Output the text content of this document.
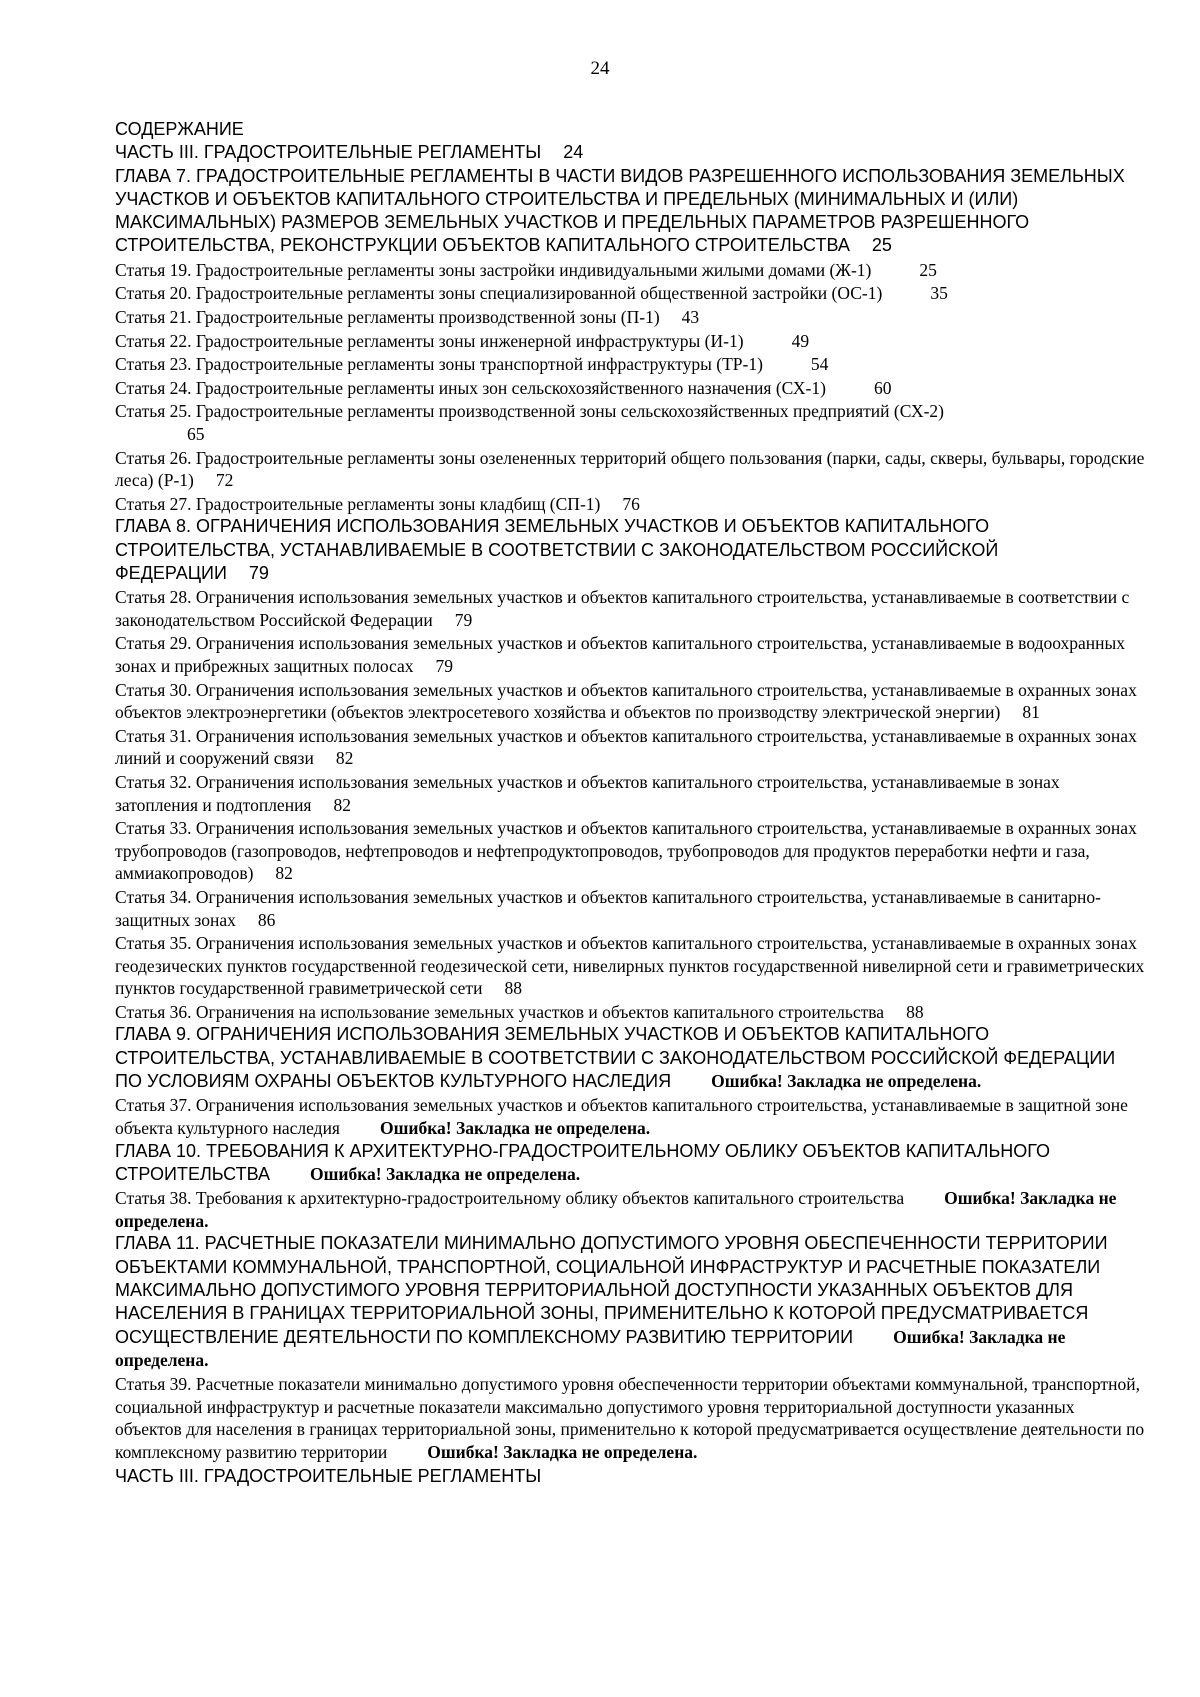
24
СОДЕРЖАНИЕ
ЧАСТЬ III. ГРАДОСТРОИТЕЛЬНЫЕ РЕГЛАМЕНТЫ 24
ГЛАВА 7. ГРАДОСТРОИТЕЛЬНЫЕ РЕГЛАМЕНТЫ В ЧАСТИ ВИДОВ РАЗРЕШЕННОГО ИСПОЛЬЗОВАНИЯ ЗЕМЕЛЬНЫХ УЧАСТКОВ И ОБЪЕКТОВ КАПИТАЛЬНОГО СТРОИТЕЛЬСТВА И ПРЕДЕЛЬНЫХ (МИНИМАЛЬНЫХ И (ИЛИ) МАКСИМАЛЬНЫХ) РАЗМЕРОВ ЗЕМЕЛЬНЫХ УЧАСТКОВ И ПРЕДЕЛЬНЫХ ПАРАМЕТРОВ РАЗРЕШЕННОГО СТРОИТЕЛЬСТВА, РЕКОНСТРУКЦИИ ОБЪЕКТОВ КАПИТАЛЬНОГО СТРОИТЕЛЬСТВА 25
Статья 19. Градостроительные регламенты зоны застройки индивидуальными жилыми домами (Ж-1)	25
Статья 20. Градостроительные регламенты зоны специализированной общественной застройки (ОС-1)	35
Статья 21. Градостроительные регламенты производственной зоны (П-1) 43
Статья 22. Градостроительные регламенты зоны инженерной инфраструктуры (И-1)	49
Статья 23. Градостроительные регламенты зоны транспортной инфраструктуры (ТР-1)	54
Статья 24. Градостроительные регламенты иных зон сельскохозяйственного назначения (СХ-1)	60
Статья 25. Градостроительные регламенты производственной зоны сельскохозяйственных предприятий (СХ-2)
65
Статья 26. Градостроительные регламенты зоны озелененных территорий общего пользования (парки, сады, скверы, бульвары, городские леса) (Р-1) 72
Статья 27. Градостроительные регламенты зоны кладбищ (СП-1) 76
ГЛАВА 8. ОГРАНИЧЕНИЯ ИСПОЛЬЗОВАНИЯ ЗЕМЕЛЬНЫХ УЧАСТКОВ И ОБЪЕКТОВ КАПИТАЛЬНОГО СТРОИТЕЛЬСТВА, УСТАНАВЛИВАЕМЫЕ В СООТВЕТСТВИИ С ЗАКОНОДАТЕЛЬСТВОМ РОССИЙСКОЙ ФЕДЕРАЦИИ 79
Статья 28. Ограничения использования земельных участков и объектов капитального строительства, устанавливаемые в соответствии с законодательством Российской Федерации 79
Статья 29. Ограничения использования земельных участков и объектов капитального строительства, устанавливаемые в водоохранных зонах и прибрежных защитных полосах 79
Статья 30. Ограничения использования земельных участков и объектов капитального строительства, устанавливаемые в охранных зонах объектов электроэнергетики (объектов электросетевого хозяйства и объектов по производству электрической энергии) 81
Статья 31. Ограничения использования земельных участков и объектов капитального строительства, устанавливаемые в охранных зонах линий и сооружений связи 82
Статья 32. Ограничения использования земельных участков и объектов капитального строительства, устанавливаемые в зонах затопления и подтопления 82
Статья 33. Ограничения использования земельных участков и объектов капитального строительства, устанавливаемые в охранных зонах трубопроводов (газопроводов, нефтепроводов и нефтепродуктопроводов, трубопроводов для продуктов переработки нефти и газа, аммиакопроводов) 82
Статья 34. Ограничения использования земельных участков и объектов капитального строительства, устанавливаемые в санитарно-защитных зонах 86
Статья 35. Ограничения использования земельных участков и объектов капитального строительства, устанавливаемые в охранных зонах геодезических пунктов государственной геодезической сети, нивелирных пунктов государственной нивелирной сети и гравиметрических пунктов государственной гравиметрической сети 88
Статья 36. Ограничения на использование земельных участков и объектов капитального строительства 88
ГЛАВА 9. ОГРАНИЧЕНИЯ ИСПОЛЬЗОВАНИЯ ЗЕМЕЛЬНЫХ УЧАСТКОВ И ОБЪЕКТОВ КАПИТАЛЬНОГО СТРОИТЕЛЬСТВА, УСТАНАВЛИВАЕМЫЕ В СООТВЕТСТВИИ С ЗАКОНОДАТЕЛЬСТВОМ РОССИЙСКОЙ ФЕДЕРАЦИИ ПО УСЛОВИЯМ ОХРАНЫ ОБЪЕКТОВ КУЛЬТУРНОГО НАСЛЕДИЯ Ошибка! Закладка не определена.
Статья 37. Ограничения использования земельных участков и объектов капитального строительства, устанавливаемые в защитной зоне объекта культурного наследия Ошибка! Закладка не определена.
ГЛАВА 10. ТРЕБОВАНИЯ К АРХИТЕКТУРНО-ГРАДОСТРОИТЕЛЬНОМУ ОБЛИКУ ОБЪЕКТОВ КАПИТАЛЬНОГО СТРОИТЕЛЬСТВА Ошибка! Закладка не определена.
Статья 38. Требования к архитектурно-градостроительному облику объектов капитального строительства Ошибка! Закладка не определена.
ГЛАВА 11. РАСЧЕТНЫЕ ПОКАЗАТЕЛИ МИНИМАЛЬНО ДОПУСТИМОГО УРОВНЯ ОБЕСПЕЧЕННОСТИ ТЕРРИТОРИИ ОБЪЕКТАМИ КОММУНАЛЬНОЙ, ТРАНСПОРТНОЙ, СОЦИАЛЬНОЙ ИНФРАСТРУКТУР И РАСЧЕТНЫЕ ПОКАЗАТЕЛИ МАКСИМАЛЬНО ДОПУСТИМОГО УРОВНЯ ТЕРРИТОРИАЛЬНОЙ ДОСТУПНОСТИ УКАЗАННЫХ ОБЪЕКТОВ ДЛЯ НАСЕЛЕНИЯ В ГРАНИЦАХ ТЕРРИТОРИАЛЬНОЙ ЗОНЫ, ПРИМЕНИТЕЛЬНО К КОТОРОЙ ПРЕДУСМАТРИВАЕТСЯ ОСУЩЕСТВЛЕНИЕ ДЕЯТЕЛЬНОСТИ ПО КОМПЛЕКСНОМУ РАЗВИТИЮ ТЕРРИТОРИИ Ошибка! Закладка не определена.
Статья 39. Расчетные показатели минимально допустимого уровня обеспеченности территории объектами коммунальной, транспортной, социальной инфраструктур и расчетные показатели максимально допустимого уровня территориальной доступности указанных объектов для населения в границах территориальной зоны, применительно к которой предусматривается осуществление деятельности по комплексному развитию территории Ошибка! Закладка не определена.
ЧАСТЬ III. ГРАДОСТРОИТЕЛЬНЫЕ РЕГЛАМЕНТЫ
